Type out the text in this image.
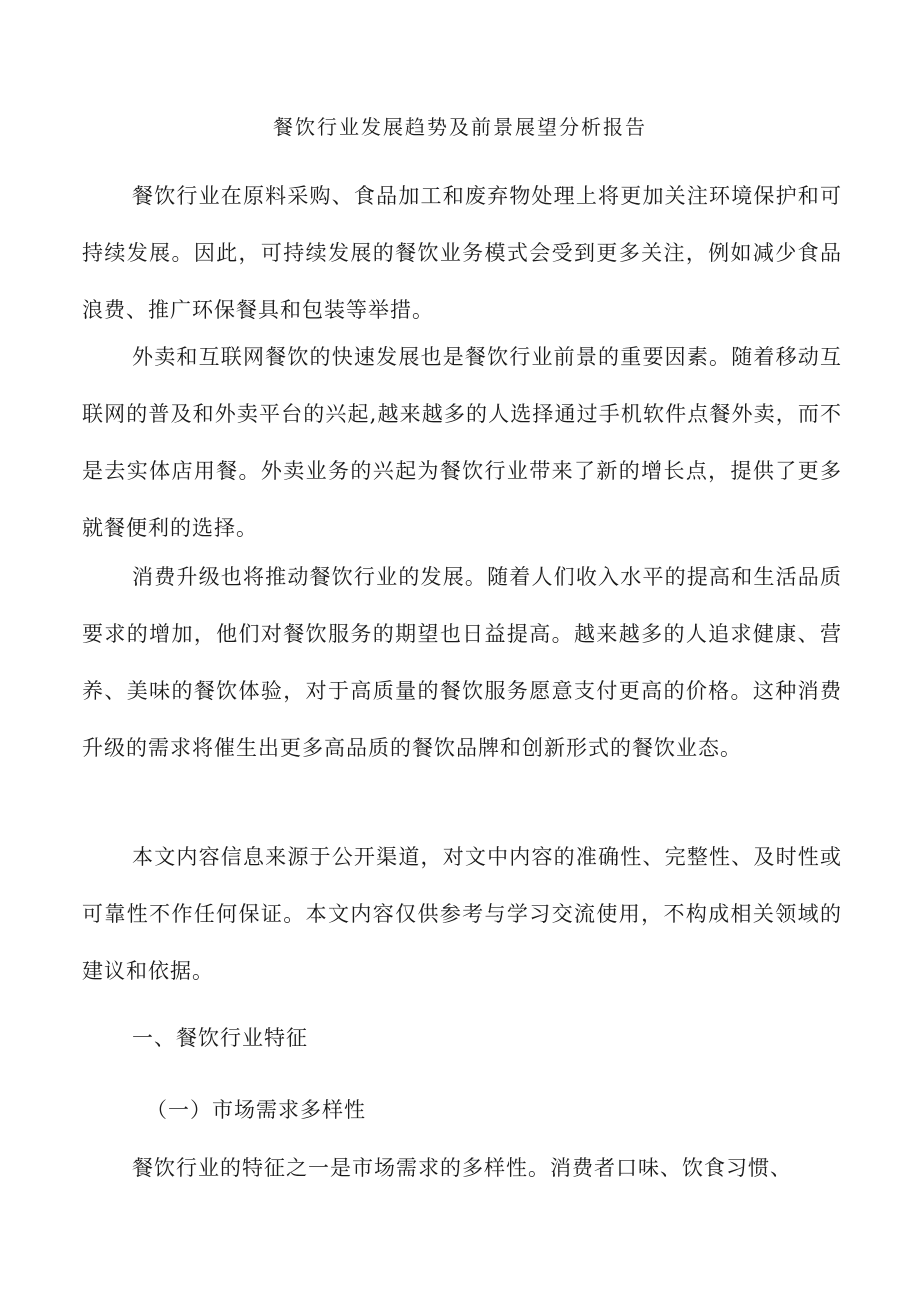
餐饮行业发展趋势及前景展望分析报告

餐饮行业在原料采购、食品加工和废弃物处理上将更加关注环境保护和可持续发展。因此，可持续发展的餐饮业务模式会受到更多关注，例如减少食品浪费、推广环保餐具和包装等举措。

外卖和互联网餐饮的快速发展也是餐饮行业前景的重要因素。随着移动互联网的普及和外卖平台的兴起,越来越多的人选择通过手机软件点餐外卖，而不是去实体店用餐。外卖业务的兴起为餐饮行业带来了新的增长点，提供了更多就餐便利的选择。

消费升级也将推动餐饮行业的发展。随着人们收入水平的提高和生活品质要求的增加，他们对餐饮服务的期望也日益提高。越来越多的人追求健康、营养、美味的餐饮体验，对于高质量的餐饮服务愿意支付更高的价格。这种消费升级的需求将催生出更多高品质的餐饮品牌和创新形式的餐饮业态。

本文内容信息来源于公开渠道，对文中内容的准确性、完整性、及时性或可靠性不作任何保证。本文内容仅供参考与学习交流使用，不构成相关领域的建议和依据。

一、餐饮行业特征
（一）市场需求多样性

餐饮行业的特征之一是市场需求的多样性。消费者口味、饮食习惯、
